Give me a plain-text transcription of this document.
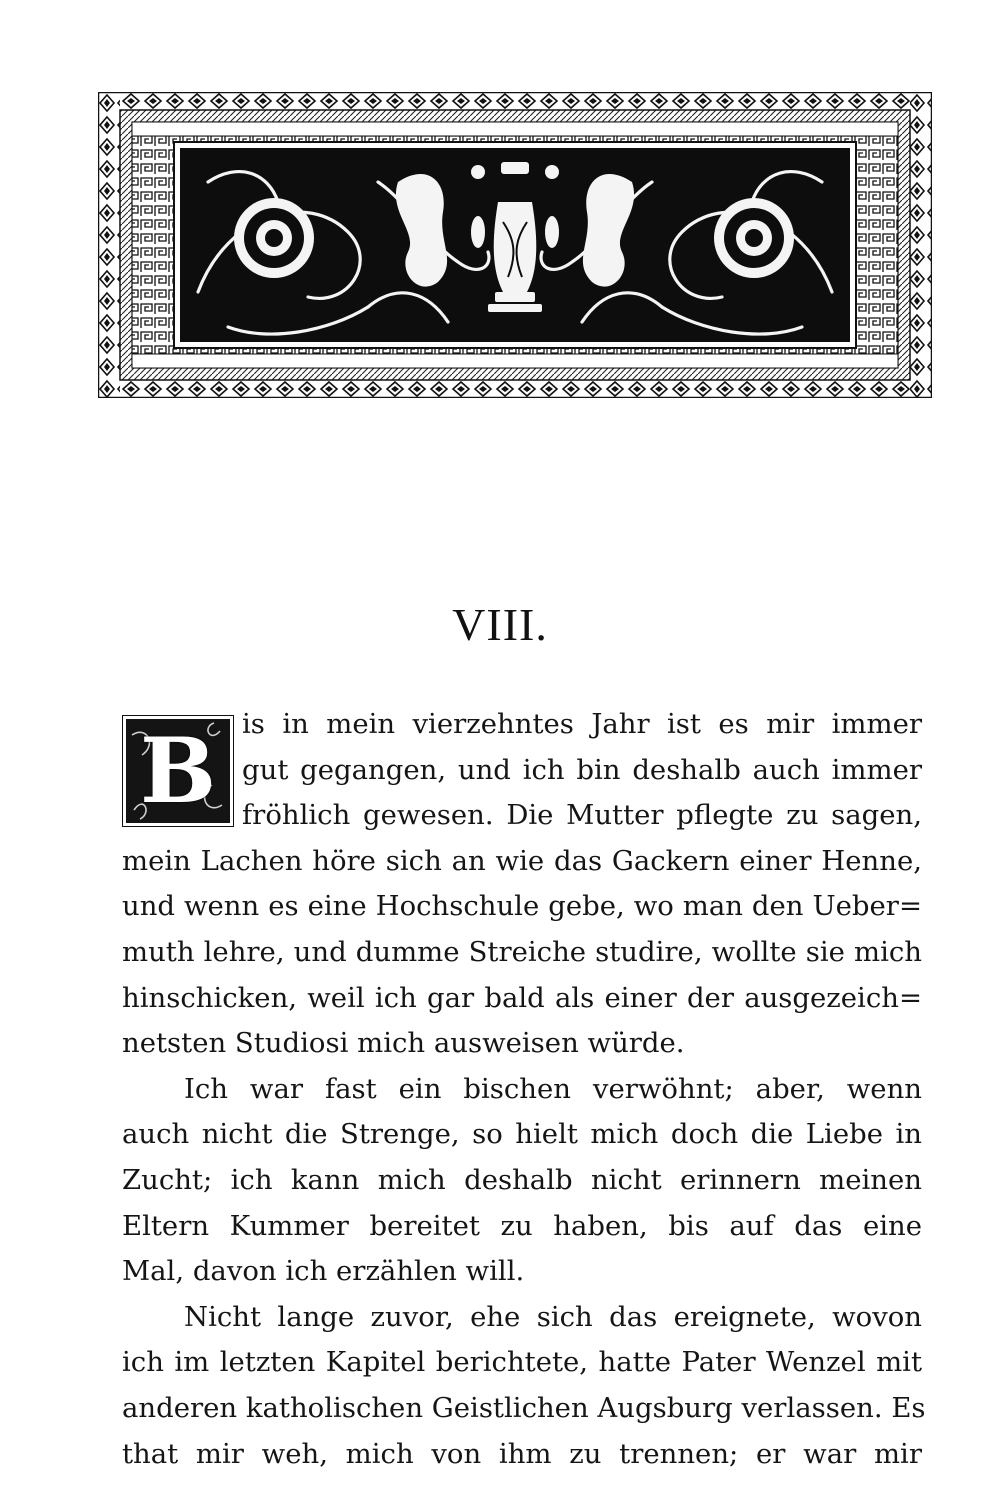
VIII.
B is in mein vierzehntes Jahr ist es mir immer
gut gegangen, und ich bin deshalb auch immer
fröhlich gewesen. Die Mutter pflegte zu sagen,
mein Lachen höre sich an wie das Gackern einer Henne,
und wenn es eine Hochschule gebe, wo man den Ueber=
muth lehre, und dumme Streiche studire, wollte sie mich
hinschicken, weil ich gar bald als einer der ausgezeich=
netsten Studiosi mich ausweisen würde.
Ich war fast ein bischen verwöhnt; aber, wenn
auch nicht die Strenge, so hielt mich doch die Liebe in
Zucht; ich kann mich deshalb nicht erinnern meinen
Eltern Kummer bereitet zu haben, bis auf das eine
Mal, davon ich erzählen will.
Nicht lange zuvor, ehe sich das ereignete, wovon
ich im letzten Kapitel berichtete, hatte Pater Wenzel mit
anderen katholischen Geistlichen Augsburg verlassen. Es
that mir weh, mich von ihm zu trennen; er war mir
